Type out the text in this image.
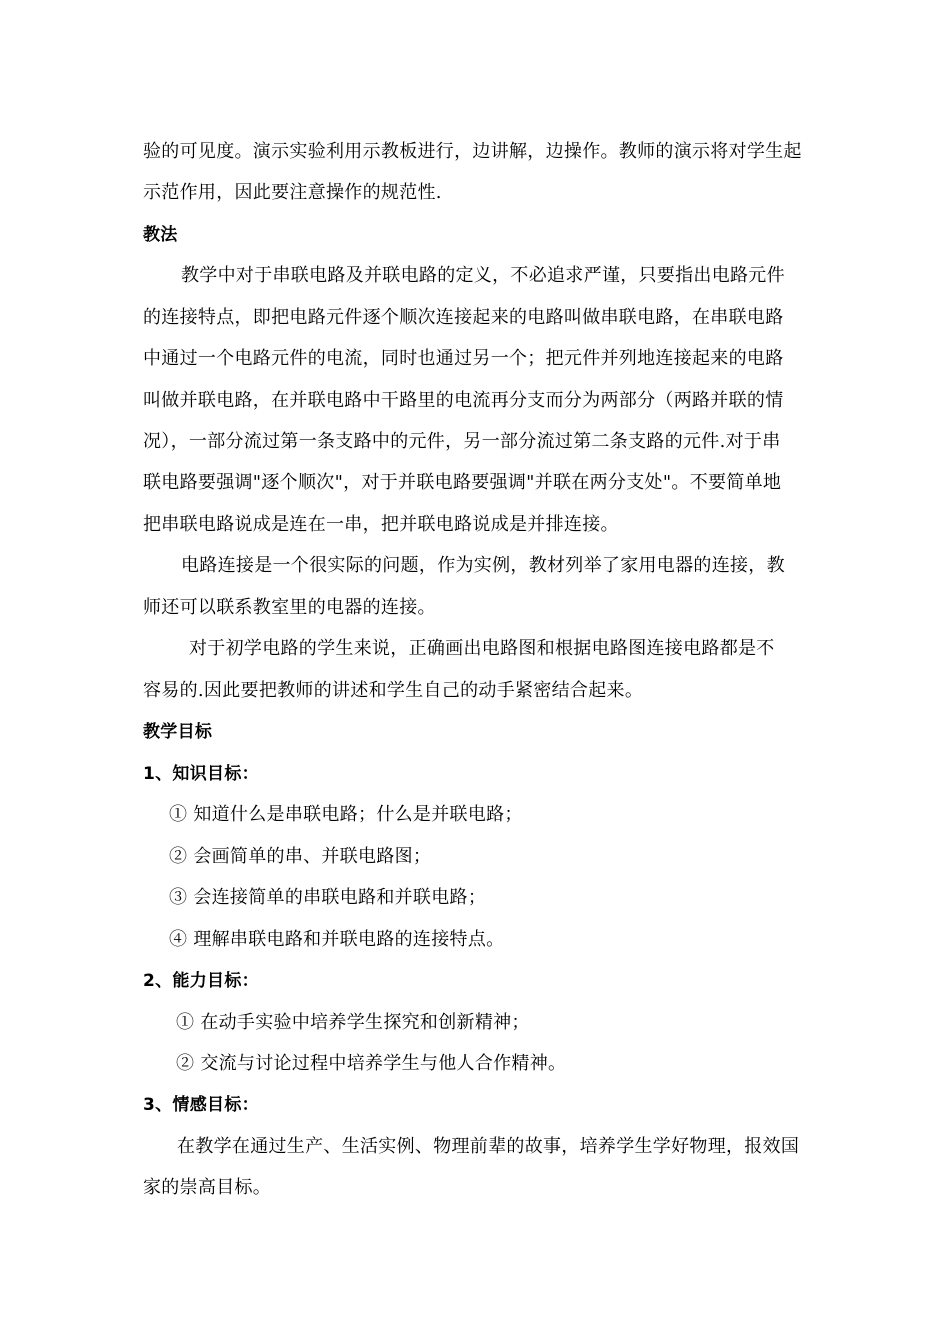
验的可见度。演示实验利用示教板进行，边讲解，边操作。教师的演示将对学生起
示范作用，因此要注意操作的规范性.
教法
教学中对于串联电路及并联电路的定义，不必追求严谨，只要指出电路元件
的连接特点，即把电路元件逐个顺次连接起来的电路叫做串联电路，在串联电路
中通过一个电路元件的电流，同时也通过另一个；把元件并列地连接起来的电路
叫做并联电路，在并联电路中干路里的电流再分支而分为两部分（两路并联的情
况），一部分流过第一条支路中的元件，另一部分流过第二条支路的元件.对于串
联电路要强调"逐个顺次"，对于并联电路要强调"并联在两分支处"。不要简单地
把串联电路说成是连在一串，把并联电路说成是并排连接。
电路连接是一个很实际的问题，作为实例，教材列举了家用电器的连接，教
师还可以联系教室里的电器的连接。
对于初学电路的学生来说，正确画出电路图和根据电路图连接电路都是不
容易的.因此要把教师的讲述和学生自己的动手紧密结合起来。
教学目标
1、知识目标：
① 知道什么是串联电路；什么是并联电路；
② 会画简单的串、并联电路图；
③ 会连接简单的串联电路和并联电路；
④ 理解串联电路和并联电路的连接特点。
2、能力目标：
① 在动手实验中培养学生探究和创新精神；
② 交流与讨论过程中培养学生与他人合作精神。
3、情感目标：
在教学在通过生产、生活实例、物理前辈的故事，培养学生学好物理，报效国
家的崇高目标。
